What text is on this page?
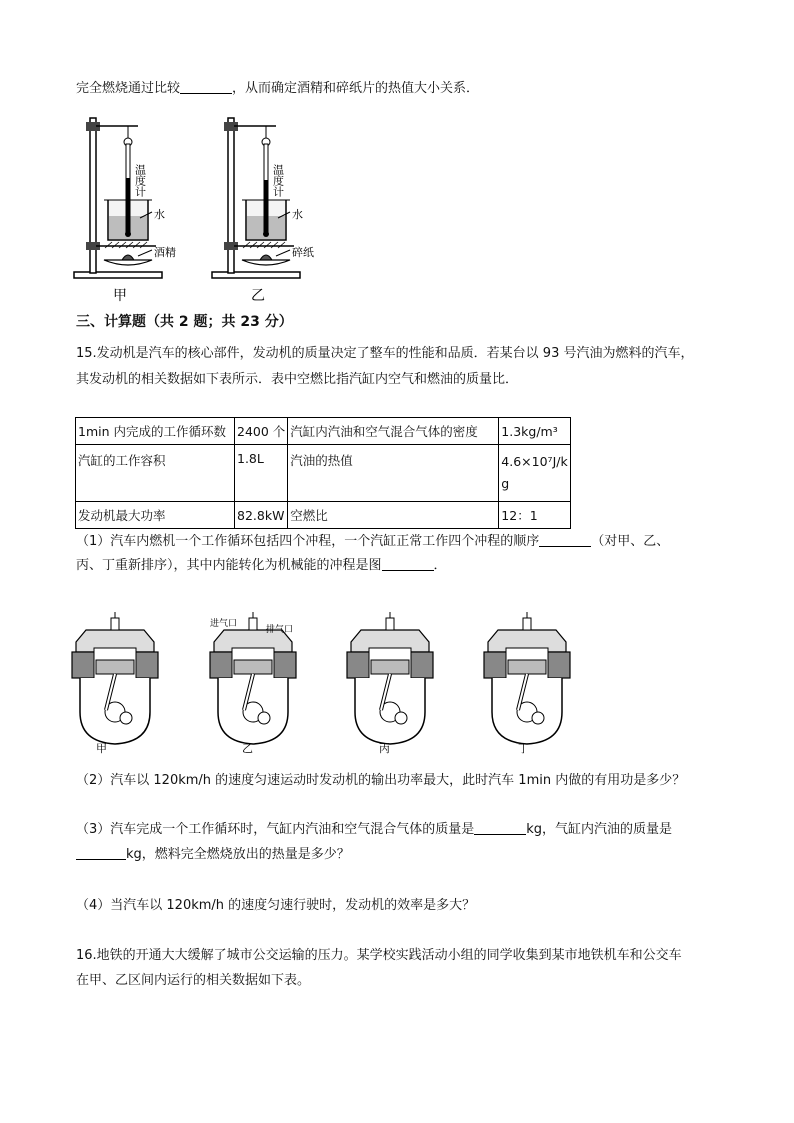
完全燃烧通过比较	，从而确定酒精和碎纸片的热值大小关系．
温度计
水
酒精
甲
温度计
水
碎纸
乙
三、计算题（共 2 题；共 23 分）
15.发动机是汽车的核心部件，发动机的质量决定了整车的性能和品质．若某台以 93 号汽油为燃料的汽车，
其发动机的相关数据如下表所示．表中空燃比指汽缸内空气和燃油的质量比．
1min 内完成的工作循环数	2400 个	汽缸内汽油和空气混合气体的密度	1.3kg/m³
汽缸的工作容积	1.8L	汽油的热值	4.6×10⁷J/k
g
发动机最大功率	82.8kW	空燃比	12：1
（1）汽车内燃机一个工作循环包括四个冲程，一个汽缸正常工作四个冲程的顺序	（对甲、乙、
丙、丁重新排序），其中内能转化为机械能的冲程是图	．
甲
进气口
排气口
乙	丙	丁
（2）汽车以 120km/h 的速度匀速运动时发动机的输出功率最大，此时汽车 1min 内做的有用功是多少？
（3）汽车完成一个工作循环时，气缸内汽油和空气混合气体的质量是	kg，气缸内汽油的质量是
kg，燃料完全燃烧放出的热量是多少？
（4）当汽车以 120km/h 的速度匀速行驶时，发动机的效率是多大？
16.地铁的开通大大缓解了城市公交运输的压力。某学校实践活动小组的同学收集到某市地铁机车和公交车
在甲、乙区间内运行的相关数据如下表。
